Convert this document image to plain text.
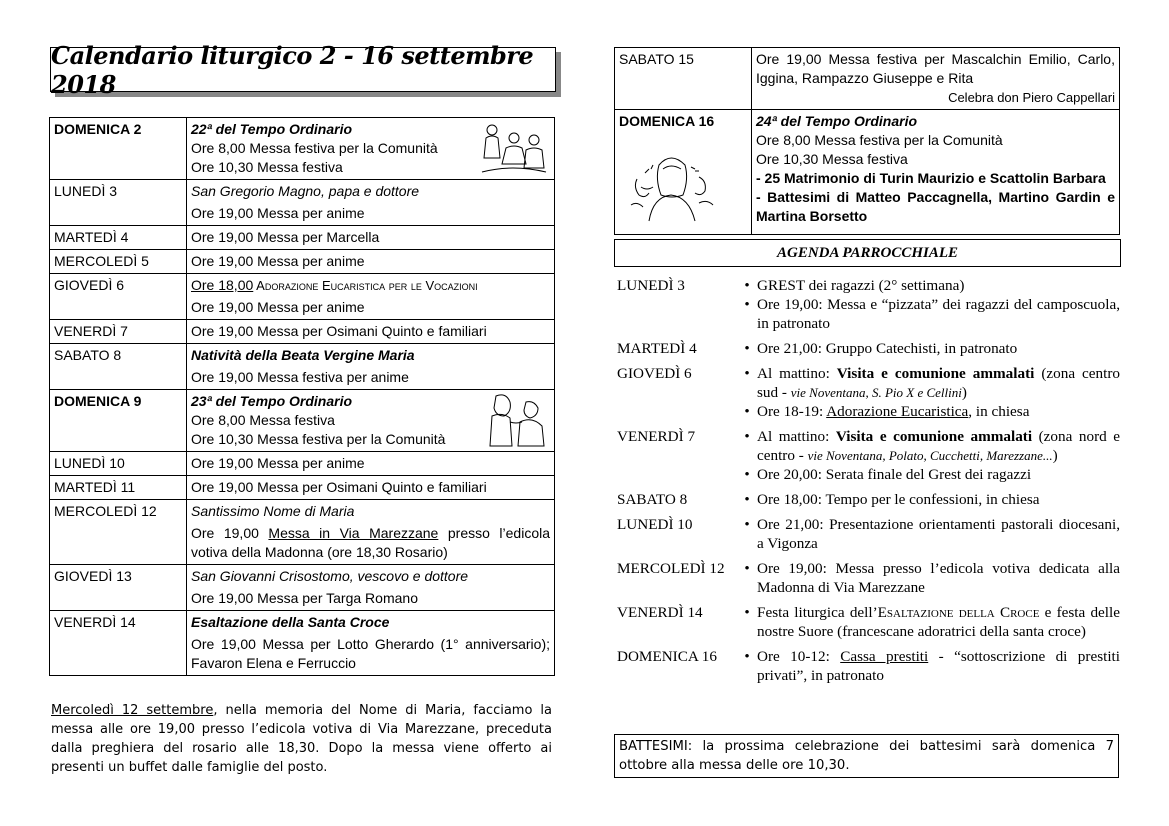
Calendario liturgico 2 - 16 settembre 2018
DOMENICA 2	22ª del Tempo Ordinario
Ore 8,00 Messa festiva per la Comunità
Ore 10,30 Messa festiva

LUNEDÌ 3	San Gregorio Magno, papa e dottore
Ore 19,00 Messa per anime

MARTEDÌ 4	Ore 19,00 Messa per Marcella

MERCOLEDÌ 5	Ore 19,00 Messa per anime

GIOVEDÌ 6	Ore 18,00 Adorazione Eucaristica per le Vocazioni
Ore 19,00 Messa per anime

VENERDÌ 7	Ore 19,00 Messa per Osimani Quinto e familiari

SABATO 8	Natività della Beata Vergine Maria
Ore 19,00 Messa festiva per anime

DOMENICA 9	23ª del Tempo Ordinario
Ore 8,00 Messa festiva
Ore 10,30 Messa festiva per la Comunità

LUNEDÌ 10	Ore 19,00 Messa per anime

MARTEDÌ 11	Ore 19,00 Messa per Osimani Quinto e familiari

MERCOLEDÌ 12	Santissimo Nome di Maria
Ore 19,00 Messa in Via Marezzane presso l’edicola votiva della Madonna (ore 18,30 Rosario)

GIOVEDÌ 13	San Giovanni Crisostomo, vescovo e dottore
Ore 19,00 Messa per Targa Romano

VENERDÌ 14	Esaltazione della Santa Croce
Ore 19,00 Messa per Lotto Gherardo (1° anniversario); Favaron Elena e Ferruccio
Mercoledì 12 settembre, nella memoria del Nome di Maria, facciamo la messa alle ore 19,00 presso l’edicola votiva di Via Marezzane, preceduta dalla preghiera del rosario alle 18,30. Dopo la messa viene offerto ai presenti un buffet dalle famiglie del posto.
SABATO 15	Ore 19,00 Messa festiva per Mascalchin Emilio, Carlo, Iggina, Rampazzo Giuseppe e Rita
Celebra don Piero Cappellari

DOMENICA 16	24ª del Tempo Ordinario
Ore 8,00 Messa festiva per la Comunità
Ore 10,30 Messa festiva
- 25 Matrimonio di Turin Maurizio e Scattolin Barbara
- Battesimi di Matteo Paccagnella, Martino Gardin e Martina Borsetto
AGENDA PARROCCHIALE
LUNEDÌ 3	• GREST dei ragazzi (2° settimana)
• Ore 19,00: Messa e “pizzata” dei ragazzi del camposcuola, in patronato
MARTEDÌ 4	• Ore 21,00: Gruppo Catechisti, in patronato
GIOVEDÌ 6	• Al mattino: Visita e comunione ammalati (zona centro sud - vie Noventana, S. Pio X e Cellini)
• Ore 18-19: Adorazione Eucaristica, in chiesa
VENERDÌ 7	• Al mattino: Visita e comunione ammalati (zona nord e centro - vie Noventana, Polato, Cucchetti, Marezzane...)
• Ore 20,00: Serata finale del Grest dei ragazzi
SABATO 8	• Ore 18,00: Tempo per le confessioni, in chiesa
LUNEDÌ 10	• Ore 21,00: Presentazione orientamenti pastorali diocesani, a Vigonza
MERCOLEDÌ 12	• Ore 19,00: Messa presso l’edicola votiva dedicata alla Madonna di Via Marezzane
VENERDÌ 14	• Festa liturgica dell’Esaltazione della Croce e festa delle nostre Suore (francescane adoratrici della santa croce)
DOMENICA 16	• Ore 10-12: Cassa prestiti - “sottoscrizione di prestiti privati”, in patronato
BATTESIMI: la prossima celebrazione dei battesimi sarà domenica 7 ottobre alla messa delle ore 10,30.
